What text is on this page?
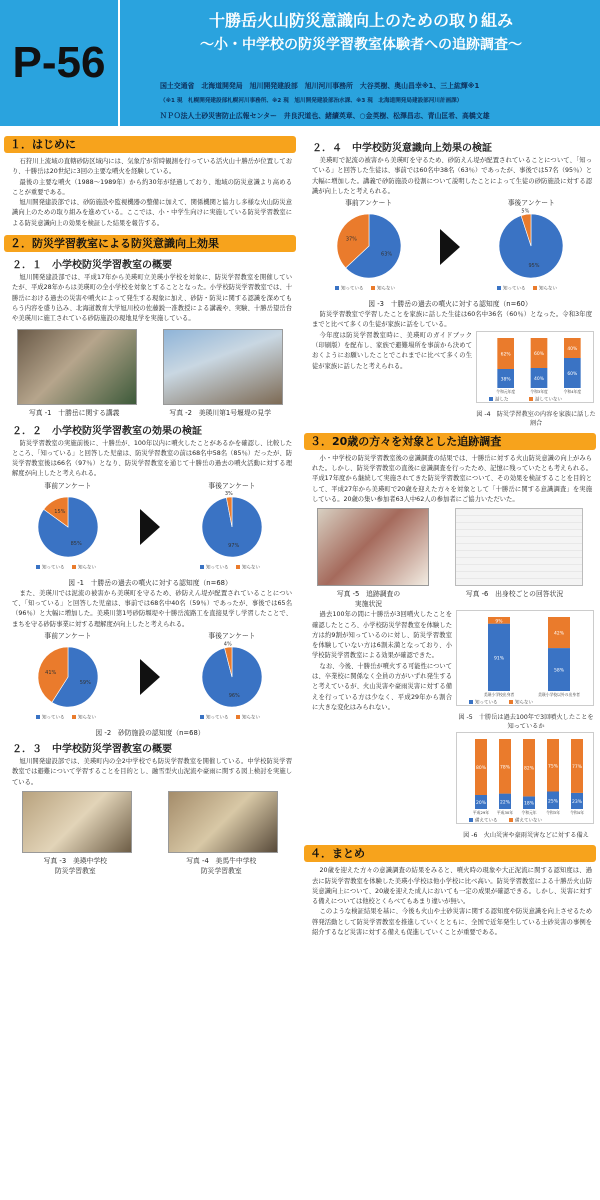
P-56
十勝岳火山防災意識向上のための取り組み
〜小・中学校の防災学習教室体験者への追跡調査〜
国土交通省　北海道開発局　旭川開発建設部　旭川河川事務所　大谷英樹、奥山昌幸※1、三上紘輝※1
（※1 現　札幌開発建設部札幌河川事務所、※2 現　旭川開発建設部治水課、※3 現　北海道開発局建設部河川計画課）
ＮＰＯ法人土砂災害防止広報センター　井良沢道也、緒續英章、○金英樹、松澤昌志、青山匡希、高橋文雄
１．はじめに

石狩川上流域の直轄砂防区域内には、気象庁が常時観測を行っている活火山十勝岳が位置しており、十勝岳は20世紀に3回の主要な噴火を経験している。

最後の主要な噴火（1988〜1989年）から約30年が経過しており、地域の防災意識より高めることが重要である。

旭川開発建設部では、砂防施設や監視機器の整備に加えて、関係機関と協力し多様な火山防災意識向上のための取り組みを進めている。ここでは、小・中学生向けに実施している防災学習教室による防災意識向上の効果を検証した結果を報告する。

２．防災学習教室による防災意識向上効果
２．１　小学校防災学習教室の概要

旭川開発建設部では、平成17年から美瑛町立美瑛小学校を対象に、防災学習教室を開催していたが、平成28年からは美瑛町の全小学校を対象とすることとなった。小学校防災学習教室では、十勝岳における過去の災害や噴火によって発生する現象に加え、砂防・防災に関する認識を深めてもらう内容を盛り込み、北海道教育大学旭川校の佐藤鋭一准教授による講義や、実験、十勝岳望岳台や美瑛川に施工されている砂防施設の現地見学を実施している。

写真 -1　十勝岳に関する講義	写真 -2　美瑛川第1号堰堤の見学
２．２　小学校防災学習教室の効果の検証

防災学習教室の実施前後に、十勝岳が、100年以内に噴火したことがあるかを確認し、比較したところ、「知っている」と回答した児童は、防災学習教室の前は68名中58名（85％）だったが、防災学習教室後は66名（97％）となり、防災学習教室を通じて十勝岳の過去の噴火活動に対する理解度が向上したと考えられる。

事前アンケート
85%
15%
知っている	知らない
事後アンケート
97%
3%
知っている	知らない
図 -1　十勝岳の過去の噴火に対する認知度（n=68）

また、美瑛川では泥流の被害から美瑛町を守るため、砂防えん堤が配置されていることについて、「知っている」と回答した児童は、事前では68名中40名（59％）であったが、事後では65名（96％）と大幅に増加した。美瑛川第1号砂防堰堤や十勝岳流路工を直接見学し学習したことで、まちを守る砂防事業に対する理解度が向上したと考えられる。

事前アンケート
59%
41%
知っている	知らない
事後アンケート
96%
4%
知っている	知らない
図 -2　砂防施設の認知度（n=68）
２．３　中学校防災学習教室の概要

旭川開発建設部では、美瑛町内の全2中学校でも防災学習教室を開催している。中学校防災学習教室では避難について学習することを目的とし、融雪型火山泥流や豪雨に関する図上検討を実施している。

写真 -3　美瑛中学校
防災学習教室
写真 -4　美馬牛中学校
防災学習教室
２．４　中学校防災意識向上効果の検証

美瑛町で泥流の被害から美瑛町を守るため、砂防えん堤が配置されていることについて、「知っている」と回答した生徒は、事前では60名中38名（63％）であったが、事後では57名（95％）と大幅に増加した。講義で砂防施設の役割について説明したことによって生徒の砂防施設に対する認識が向上したと考えられる。

事前アンケート
63%
37%
知っている	知らない
事後アンケート
95%
5%
知っている	知らない
図 -3　十勝岳の過去の噴火に対する認知度（n=60）

防災学習教室で学習したことを家族に話した生徒は60名中36名（60％）となった。令和3年度までと比べて多くの生徒が家族に話をしている。

今年度は防災学習教室時に、美瑛町のガイドブック（印刷版）を配布し、家族で避難場所を事前から決めておくようにお願いしたことでこれまでに比べて多くの生徒が家族に話したと考えられる。

38%
62%
令和元年度
40%
60%
令和3年度
60%
40%
令和4年度
話した	話していない
図 -4　防災学習教室の内容を家族に話した割合
３．20歳の方々を対象とした追跡調査

小・中学校の防災学習教室後の意識調査の結果では、十勝岳に対する火山防災意識の向上がみられた。しかし、防災学習教室の直後に意識調査を行ったため、記憶に残っていたとも考えられる。平成17年度から継続して実施されてきた防災学習教室について、その効果を検証することを目的として、平成27年から美瑛町で20歳を迎えた方々を対象として「十勝岳に関する意識調査」を実施している。20歳の集い参加者63人中62人の参加者にご協力いただいた。

写真 -5　追跡調査の
実施状況
写真 -6　出身校ごとの回答状況

過去100年の間に十勝岳が3回噴火したことを確認したところ、小学校防災学習教室を体験した方は約9割が知っているのに対し、防災学習教室を体験していない方は6割未満となっており、小学校防災学習教室による効果が確認できた。

なお、今後、十勝岳が噴火する可能性については、卒業校に関係なく全員の方がいずれ発生すると考えているが、火山災害や豪雨災害に対する備えを行っている方は少なく、平成29年から割合に大きな変化はみられない。

91%
9%
美瑛小学校出身者
58%
42%
美瑛小学校以外の出身者
知っている	知らない
図 -5　十勝岳は過去100年で3回噴火したことを知っているか
20%
80%
平成29年
22%
78%
平成30年
18%
82%
令和元年
25%
75%
令和3年
23%
77%
令和4年
備えている	備えていない
図 -6　火山災害や豪雨災害などに対する備え
４．まとめ

20歳を迎えた方々の意識調査の結果をみると、噴火時の現象や大正泥流に関する認知度は、過去に防災学習教室を体験した美瑛小学校は他小学校に比べ高い。防災学習教室による十勝岳火山防災意識向上について、20歳を迎えた成人においても一定の成果が確認できる。しかし、災害に対する備えについては他校とくらべてもあまり違いが無い。

このような検証結果を基に、今後も火山や土砂災害に関する認知度や防災意識を向上させるため啓発活動として防災学習教室を推進していくとともに、全国で近年発生している土砂災害の事例を紹介するなど災害に対する備えも促進していくことが重要である。
